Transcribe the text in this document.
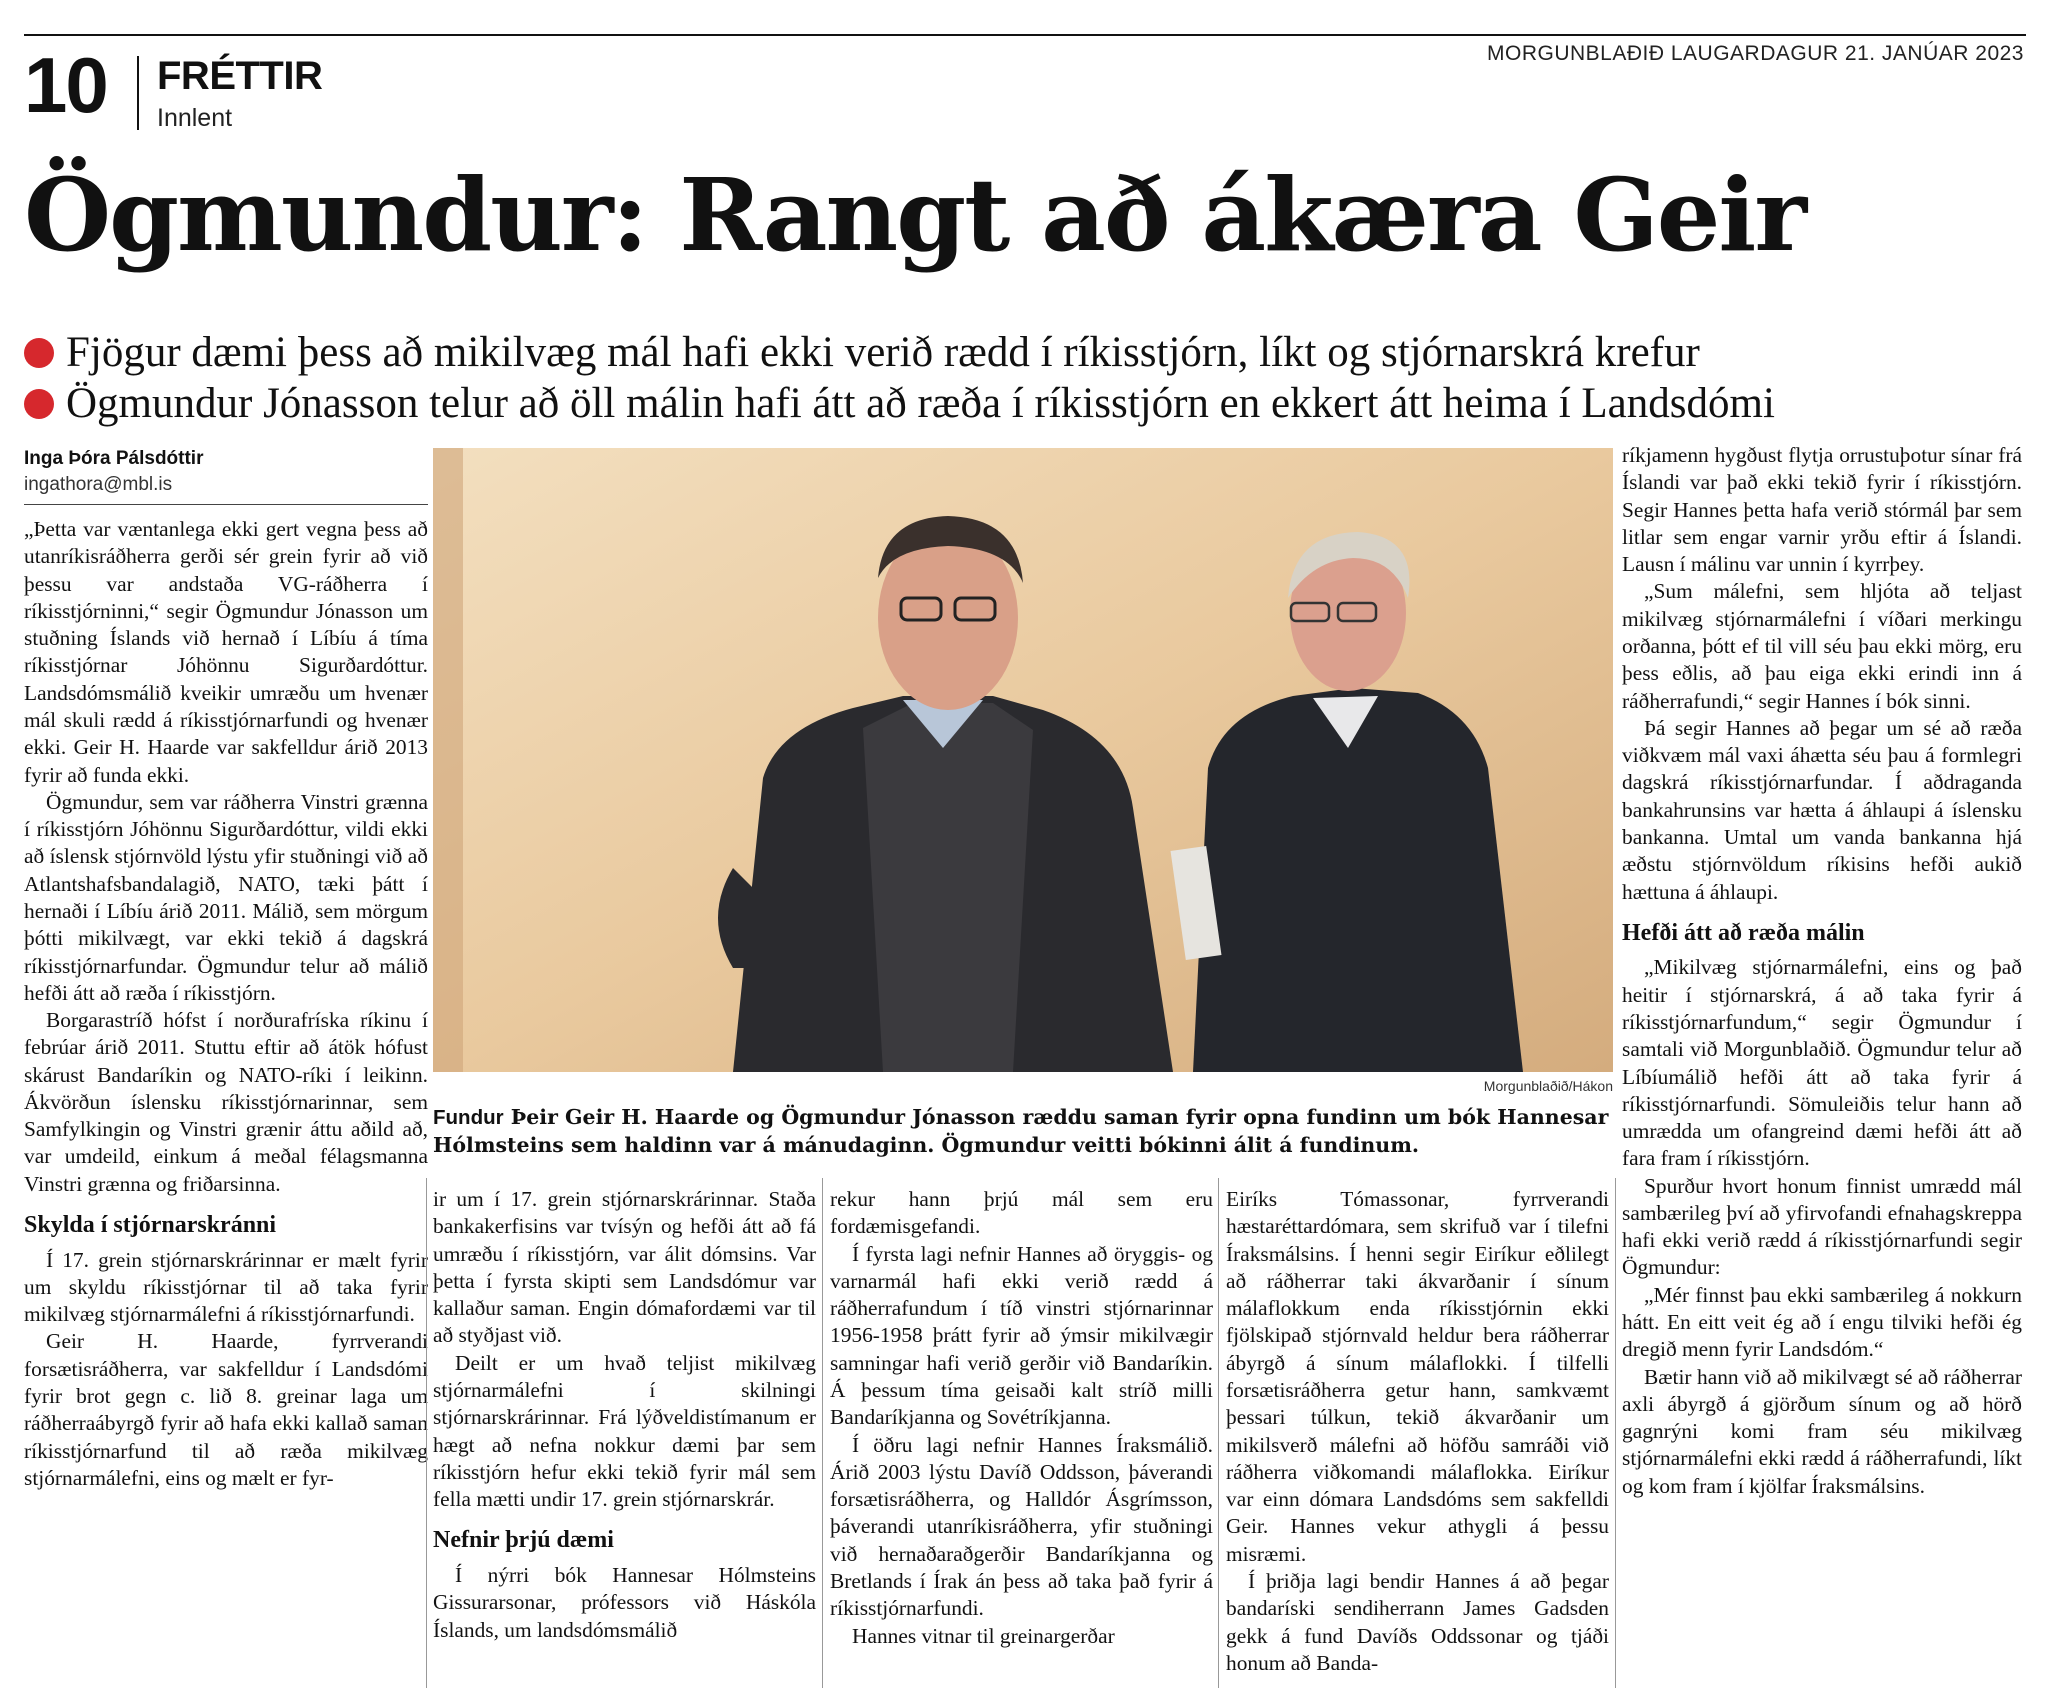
MORGUNBLAÐIÐ LAUGARDAGUR 21. JANÚAR 2023
10 FRÉTTIR
Innlent
Ögmundur: Rangt að ákæra Geir
Fjögur dæmi þess að mikilvæg mál hafi ekki verið rædd í ríkisstjórn, líkt og stjórnarskrá krefur
Ögmundur Jónasson telur að öll málin hafi átt að ræða í ríkisstjórn en ekkert átt heima í Landsdómi
Inga Þóra Pálsdóttir
ingathora@mbl.is

„Þetta var væntanlega ekki gert vegna þess að utanríkisráðherra gerði sér grein fyrir að við þessu var andstaða VG-ráðherra í ríkisstjórninni,“ segir Ögmundur Jónasson um stuðning Íslands við hernað í Líbíu á tíma ríkisstjórnar Jóhönnu Sigurðardóttur. Landsdómsmálið kveikir umræðu um hvenær mál skuli rædd á ríkisstjórnarfundi og hvenær ekki. Geir H. Haarde var sakfelldur árið 2013 fyrir að funda ekki.

Ögmundur, sem var ráðherra Vinstri grænna í ríkisstjórn Jóhönnu Sigurðardóttur, vildi ekki að íslensk stjórnvöld lýstu yfir stuðningi við að Atlantshafsbandalagið, NATO, tæki þátt í hernaði í Líbíu árið 2011. Málið, sem mörgum þótti mikilvægt, var ekki tekið á dagskrá ríkisstjórnarfundar. Ögmundur telur að málið hefði átt að ræða í ríkisstjórn.

Borgarastríð hófst í norðurafríska ríkinu í febrúar árið 2011. Stuttu eftir að átök hófust skárust Bandaríkin og NATO-ríki í leikinn. Ákvörðun íslensku ríkisstjórnarinnar, sem Samfylkingin og Vinstri grænir áttu aðild að, var umdeild, einkum á meðal félagsmanna Vinstri grænna og friðarsinna.

Skylda í stjórnarskránni

Í 17. grein stjórnarskrárinnar er mælt fyrir um skyldu ríkisstjórnar til að taka fyrir mikilvæg stjórnarmálefni á ríkisstjórnarfundi.

Geir H. Haarde, fyrrverandi forsætisráðherra, var sakfelldur í Landsdómi fyrir brot gegn c. lið 8. greinar laga um ráðherraábyrgð fyrir að hafa ekki kallað saman ríkisstjórnarfund til að ræða mikilvæg stjórnarmálefni, eins og mælt er fyr-

Morgunblaðið/Hákon
Fundur Þeir Geir H. Haarde og Ögmundur Jónasson ræddu saman fyrir opna fundinn um bók Hannesar Hólmsteins sem haldinn var á mánudaginn. Ögmundur veitti bókinni álit á fundinum.

ir um í 17. grein stjórnarskrárinnar. Staða bankakerfisins var tvísýn og hefði átt að fá umræðu í ríkisstjórn, var álit dómsins. Var þetta í fyrsta skipti sem Landsdómur var kallaður saman. Engin dómafordæmi var til að styðjast við.

Deilt er um hvað teljist mikilvæg stjórnarmálefni í skilningi stjórnarskrárinnar. Frá lýðveldistímanum er hægt að nefna nokkur dæmi þar sem ríkisstjórn hefur ekki tekið fyrir mál sem fella mætti undir 17. grein stjórnarskrár.

Nefnir þrjú dæmi

Í nýrri bók Hannesar Hólmsteins Gissurarsonar, prófessors við Háskóla Íslands, um landsdómsmálið

rekur hann þrjú mál sem eru fordæmisgefandi.

Í fyrsta lagi nefnir Hannes að öryggis- og varnarmál hafi ekki verið rædd á ráðherrafundum í tíð vinstri stjórnarinnar 1956-1958 þrátt fyrir að ýmsir mikilvægir samningar hafi verið gerðir við Bandaríkin. Á þessum tíma geisaði kalt stríð milli Bandaríkjanna og Sovétríkjanna.

Í öðru lagi nefnir Hannes Íraksmálið. Árið 2003 lýstu Davíð Oddsson, þáverandi forsætisráðherra, og Halldór Ásgrímsson, þáverandi utanríkisráðherra, yfir stuðningi við hernaðaraðgerðir Bandaríkjanna og Bretlands í Írak án þess að taka það fyrir á ríkisstjórnarfundi.

Hannes vitnar til greinargerðar

Eiríks Tómassonar, fyrrverandi hæstaréttardómara, sem skrifuð var í tilefni Íraksmálsins. Í henni segir Eiríkur eðlilegt að ráðherrar taki ákvarðanir í sínum málaflokkum enda ríkisstjórnin ekki fjölskipað stjórnvald heldur bera ráðherrar ábyrgð á sínum málaflokki. Í tilfelli forsætisráðherra getur hann, samkvæmt þessari túlkun, tekið ákvarðanir um mikilsverð málefni að höfðu samráði við ráðherra viðkomandi málaflokka. Eiríkur var einn dómara Landsdóms sem sakfelldi Geir. Hannes vekur athygli á þessu misræmi.

Í þriðja lagi bendir Hannes á að þegar bandaríski sendiherrann James Gadsden gekk á fund Davíðs Oddssonar og tjáði honum að Banda-

ríkjamenn hygðust flytja orrustuþotur sínar frá Íslandi var það ekki tekið fyrir í ríkisstjórn. Segir Hannes þetta hafa verið stórmál þar sem litlar sem engar varnir yrðu eftir á Íslandi. Lausn í málinu var unnin í kyrrþey.

„Sum málefni, sem hljóta að teljast mikilvæg stjórnarmálefni í víðari merkingu orðanna, þótt ef til vill séu þau ekki mörg, eru þess eðlis, að þau eiga ekki erindi inn á ráðherrafundi,“ segir Hannes í bók sinni.

Þá segir Hannes að þegar um sé að ræða viðkvæm mál vaxi áhætta séu þau á formlegri dagskrá ríkisstjórnarfundar. Í aðdraganda bankahrunsins var hætta á áhlaupi á íslensku bankanna. Umtal um vanda bankanna hjá æðstu stjórnvöldum ríkisins hefði aukið hættuna á áhlaupi.

Hefði átt að ræða málin

„Mikilvæg stjórnarmálefni, eins og það heitir í stjórnarskrá, á að taka fyrir á ríkisstjórnarfundum,“ segir Ögmundur í samtali við Morgunblaðið. Ögmundur telur að Líbíumálið hefði átt að taka fyrir á ríkisstjórnarfundi. Sömuleiðis telur hann að umrædda um ofangreind dæmi hefði átt að fara fram í ríkisstjórn.

Spurður hvort honum finnist umrædd mál sambærileg því að yfirvofandi efnahagskreppa hafi ekki verið rædd á ríkisstjórnarfundi segir Ögmundur:

„Mér finnst þau ekki sambærileg á nokkurn hátt. En eitt veit ég að í engu tilviki hefði ég dregið menn fyrir Landsdóm.“

Bætir hann við að mikilvægt sé að ráðherrar axli ábyrgð á gjörðum sínum og að hörð gagnrýni komi fram séu mikilvæg stjórnarmálefni ekki rædd á ráðherrafundi, líkt og kom fram í kjölfar Íraksmálsins.
